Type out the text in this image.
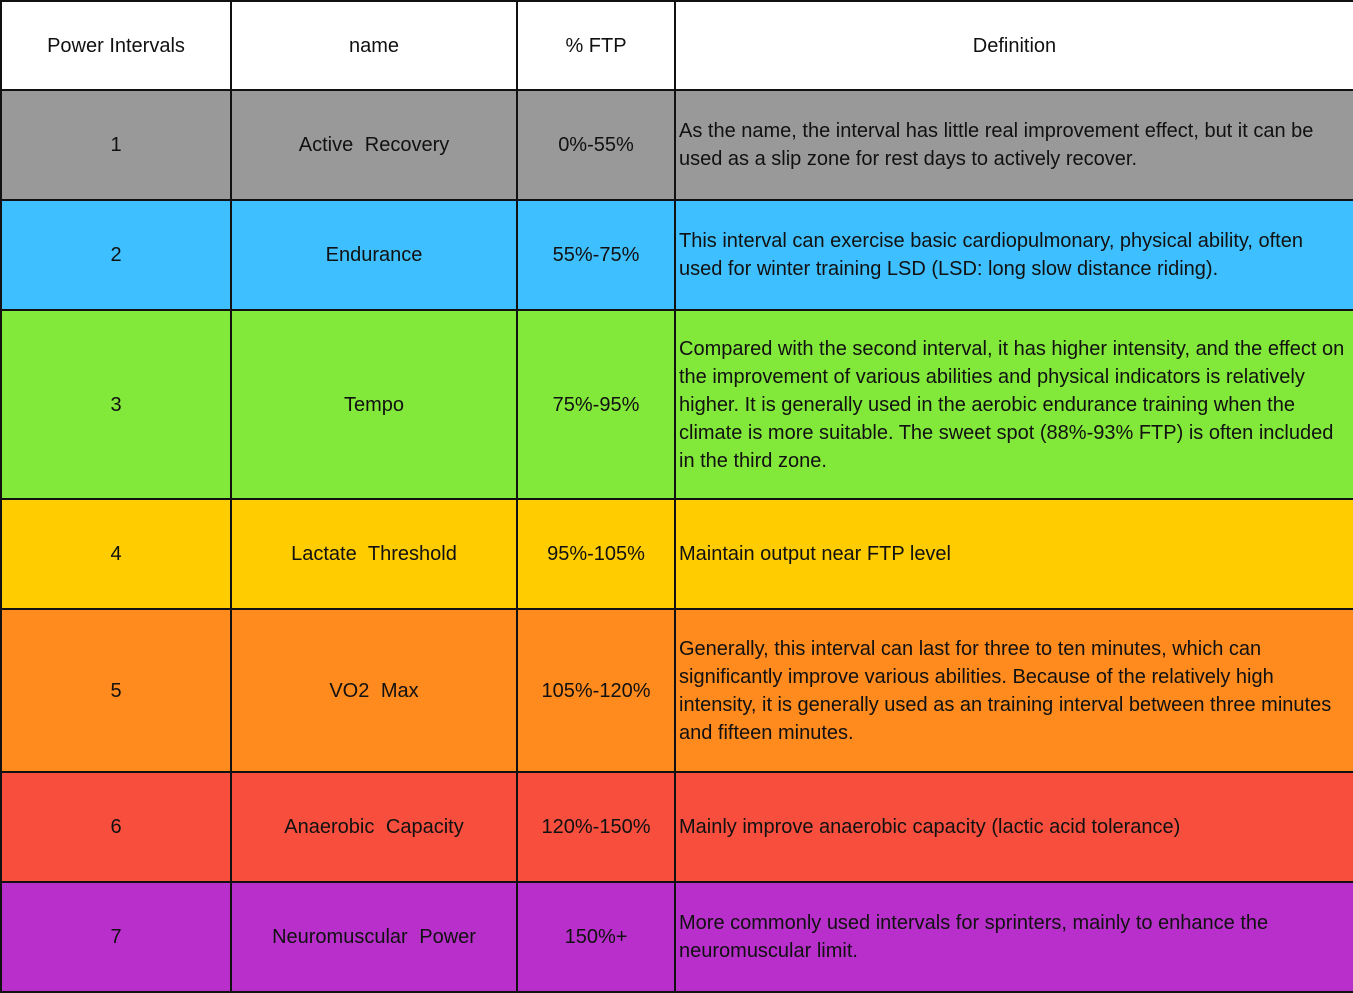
Power Intervals	name	% FTP	Definition
1	Active Recovery	0%-55%	As the name, the interval has little real improvement effect, but it can be used as a slip zone for rest days to actively recover.
2	Endurance	55%-75%	This interval can exercise basic cardiopulmonary, physical ability, often used for winter training LSD (LSD: long slow distance riding).
3	Tempo	75%-95%	Compared with the second interval, it has higher intensity, and the effect on the improvement of various abilities and physical indicators is relatively higher. It is generally used in the aerobic endurance training when the climate is more suitable. The sweet spot (88%-93% FTP) is often included in the third zone.
4	Lactate Threshold	95%-105%	Maintain output near FTP level
5	VO2 Max	105%-120%	Generally, this interval can last for three to ten minutes, which can significantly improve various abilities. Because of the relatively high intensity, it is generally used as an training interval between three minutes and fifteen minutes.
6	Anaerobic Capacity	120%-150%	Mainly improve anaerobic capacity (lactic acid tolerance)
7	Neuromuscular Power	150%+	More commonly used intervals for sprinters, mainly to enhance the neuromuscular limit.
